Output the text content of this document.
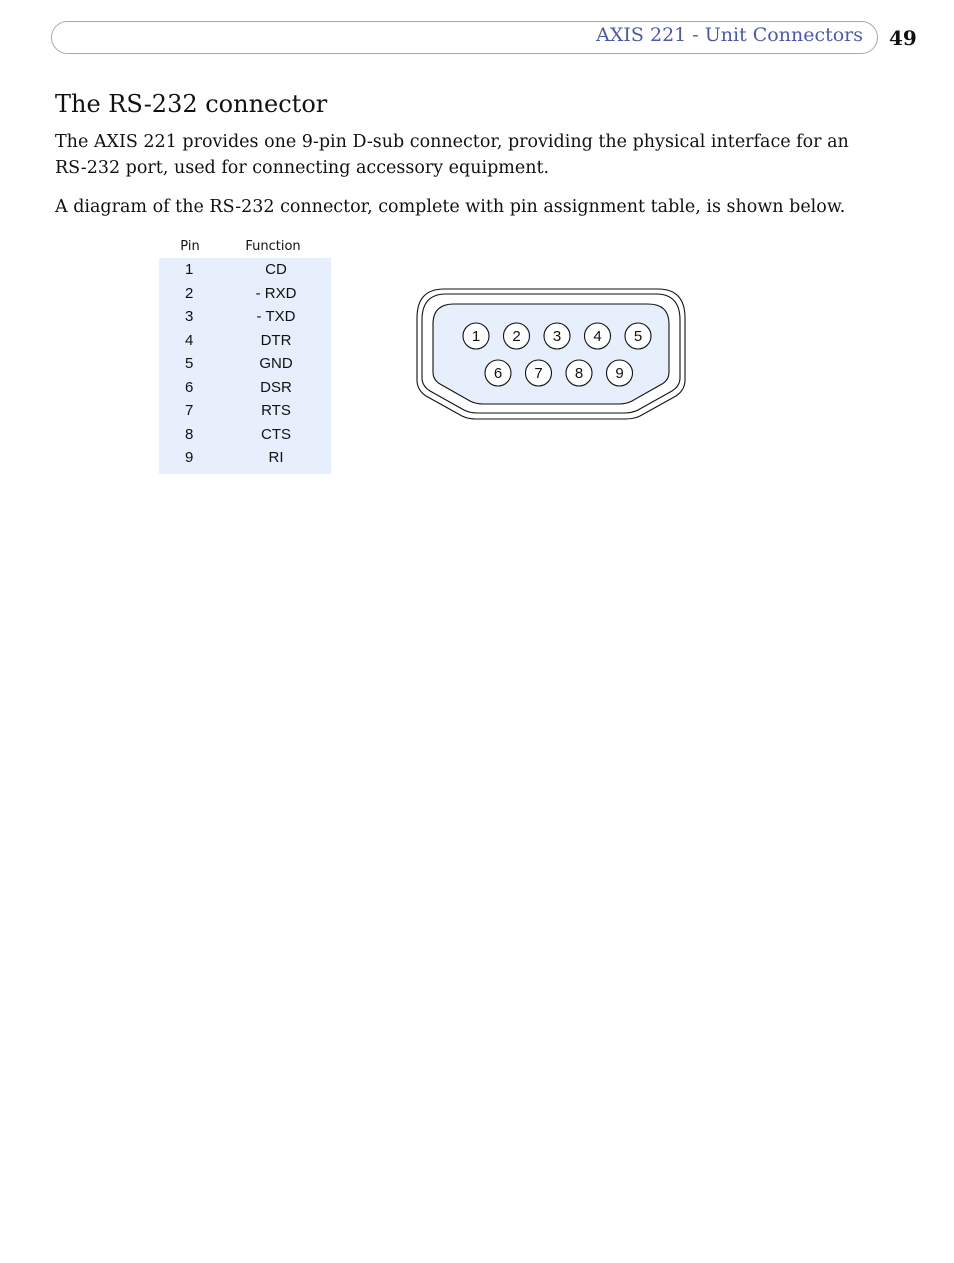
AXIS 221 - Unit Connectors 49
The RS-232 connector

The AXIS 221 provides one 9-pin D-sub connector, providing the physical interface for an RS-232 port, used for connecting accessory equipment.

A diagram of the RS-232 connector, complete with pin assignment table, is shown below.

Pin	Function
1	CD
2	- RXD
3	- TXD
4	DTR
5	GND
6	DSR
7	RTS
8	CTS
9	RI
1 2 3 4 5
6 7 8 9
